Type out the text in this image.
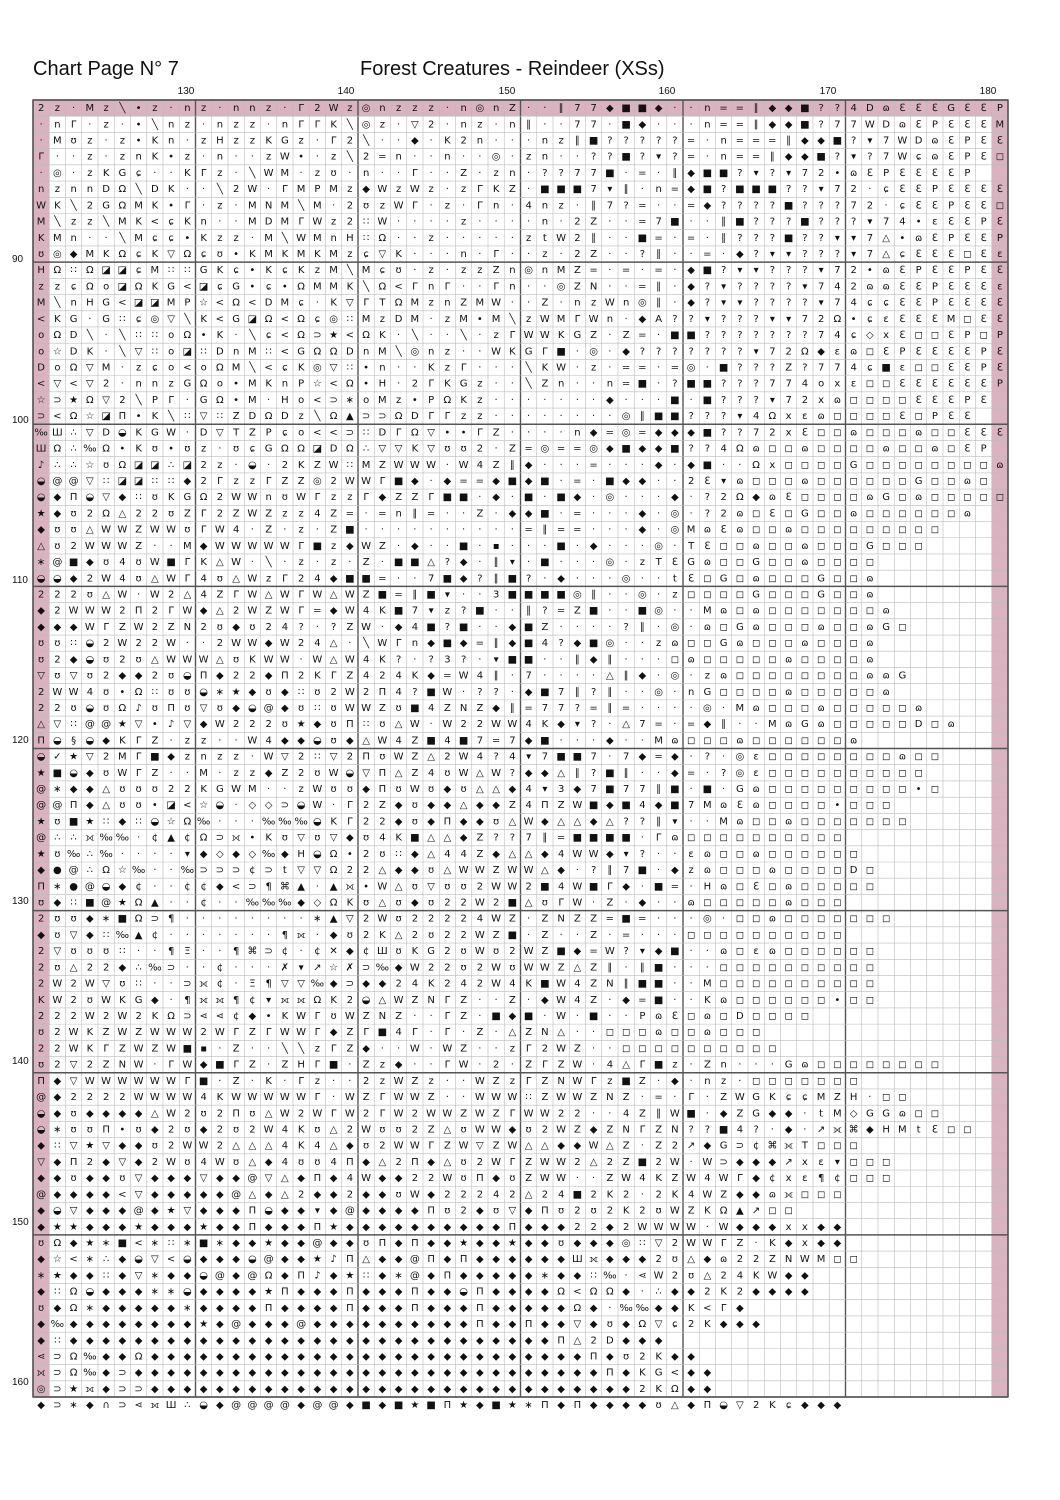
Chart Page N° 7	Forest Creatures - Reindeer (XSs)
130	140	150	160	170	180
90
100
110
120
130
140
150
160
2 z · M z ╲ • z · n z · n n z · Γ 2 W z ◎ n z z z · n ◎ n Z · · ∥ 7 7 ◆ ■ ■ ◆ · · n = = ∥ ◆ ◆ ■ ? ? 4 D ɷ ℇ ℇ ℇ G ℇ ℇ P
· n Γ · z · • ╲ n z · n z z · n Γ Γ K ╲ ◎ z · ▽ 2 · n z · n ∥ · · 7 7 · ■ ◆ · · · n = = ∥ ◆ ◆ ■ ? 7 7 W D ɷ ℇ P ℇ ℇ ℇ M
· M ʊ z · z • K n · z H z z K G z · Γ 2 ╲ · · ◆ · K 2 n · · · n z ∥ ■ ? ? ? ? ? = · n = = = ∥ ◆ ◆ ■ ? ▾ 7 W D ɷ ℇ P ℇ ℇ
Γ · · z · z n K • z · n · · z W • · z ╲ 2 = n · · n · · ◎ · z n · · ? ? ■ ? ▾ ? = · n = = ∥ ◆ ◆ ■ ? ▾ ? 7 W ɕ ɷ ℇ P ℇ ◻
· ◎ · z K G ɕ · · K Γ z · ╲ W M · z ʊ · n · · Γ · · Z · z n · ? ? 7 7 ■ · = · ∥ ◆ ■ ■ ? ▾ ? ▾ 7 2 • ɷ ℇ P ℇ ℇ ℇ ℇ P
n z n n D Ω ╲ D K · · ╲ 2 W · Γ M P M z ◆ W z W z · z Γ K Z · ■ ■ ■ 7 ▾ ∥ · n = ◆ ■ ? ■ ■ ■ ? ? ▾ 7 2 · ɕ ℇ ℇ P ℇ ℇ ℇ ℇ
W K ╲ 2 G Ω M K • Γ · z · M N M ╲ M · 2 ʊ z W Γ · z · Γ n · 4 n z · ∥ 7 ? = · · = ◆ ? ? ? ? ■ ? ? ? 7 2 · ɕ ℇ ℇ P ℇ ℇ ◻
M ╲ z z ╲ M K < ɕ K n · · M D M Γ W z 2 ∷ W · · · · z · · · · n · 2 Z · · = 7 ■ · · ∥ ■ ? ? ? ■ ? ? ? ▾ 7 4 • ɛ ℇ ℇ P ℇ
K M n · · ╲ M ɕ ɕ • K z z · M ╲ W M n H ∷ Ω · · z · · · · · z t W 2 ∥ · · ■ = · = · ∥ ? ? ? ■ ? ? ▾ ▾ 7 △ • ɷ ℇ P ℇ ℇ P
ʊ ◎ ◆ M K Ω ɕ K ▽ Ω ɕ ʊ • K M K M K M z ɕ ▽ K · · · n · Γ · · z · 2 Z · · ? ∥ · · = · ◆ ? ▾ ▾ ? ? ? ▾ 7 △ ɕ ℇ ℇ ℇ ◻ ℇ ɛ
H Ω ∷ Ω ◪ ◪ ɕ M ∷ ∷ G K ɕ • K ɕ K z M ╲ M ɕ ʊ · z · z z Z n ◎ n M Z = · = · = · ◆ ■ ? ▾ ▾ ? ? ? ▾ 7 2 • ɷ ℇ P ℇ ℇ P ℇ ℇ
z z ɕ Ω o ◪ Ω K G < ◪ ɕ G • ɕ • Ω M M K ╲ Ω < Γ n Γ · · Γ n · · ◎ Z N · · = ∥ · ◆ ? ▾ ? ? ? ? ▾ 7 4 2 ɷ ɷ ℇ ℇ P ℇ ℇ ℇ ɛ
M ╲ n H G < ◪ ◪ M P ☆ < Ω < D M ɕ · K ▽ Γ T Ω M z n Z M W · · Z · n z W n ◎ ∥ · ◆ ? ▾ ▾ ? ? ? ? ▾ 7 4 ɕ ɕ ℇ ℇ P ℇ ℇ ℇ ℇ
< K G · G ∷ ɕ ◎ ▽ ╲ K < G ◪ Ω < Ω ɕ ◎ ∷ M z D M · z M • M ╲ z W M Γ W n · ◆ A ? ? ▾ ? ? ? ▾ ▾ 7 2 Ω • ɕ ɛ ℇ ℇ ℇ M ◻ ℇ ℇ
o Ω D ╲ · ╲ ∷ ∷ o Ω • K · ╲ ɕ < Ω ⊃ ★ < Ω K · ╲ · · ╲ · z Γ W W K G Z · Z = · ■ ■ ? ? ? ? ? ? ? 7 4 ɕ ◇ x ℇ ◻ ◻ ℇ P ◻ P
o ☆ D K · ╲ ▽ ∷ o ◪ ∷ D n M ∷ < G Ω Ω D n M ╲ ◎ n z · · W K G Γ ■ · ◎ · ◆ ? ? ? ? ? ? ? ▾ 7 2 Ω ◆ ɛ ɷ ◻ ℇ P ℇ ℇ ℇ ℇ P ℇ
D o Ω ▽ M · z ɕ o < o Ω M ╲ < ɕ K ◎ ▽ ∷ • n · · K z Γ · · · ╲ K W · z · = = · = ◎ · ■ ? ? ? Z ? 7 7 4 ɕ ■ ɛ ◻ ◻ ℇ ℇ P ℇ
< ▽ < ▽ 2 · n n z G Ω o • M K n P ☆ < Ω • H · 2 Γ K G z · · ╲ Z n · · n = ■ · ? ■ ■ ? ? ? 7 7 4 o x ɛ ◻ ◻ ℇ ℇ ℇ ℇ ℇ ℇ P
☆ ⊃ ★ Ω ▽ 2 ╲ P Γ · G Ω • M · H o < ⊃ ∗ o M z • P Ω K z · · · · · · · ◆ · · · ■ · ■ ? ? ? ▾ 7 2 x ɷ ◻ ◻ ◻ ◻ ℇ ℇ ℇ P ℇ
⊃ < Ω ☆ ◪ Π • K ╲ ∷ ▽ ∷ Z D Ω D z ╲ Ω ▲ ⊃ ⊃ Ω D Γ Γ z z · · · · · · · · ◎ ∥ ■ ■ ? ? ? ▾ 4 Ω x ɛ ɷ ◻ ◻ ◻ ◻ ℇ ◻ P ℇ ℇ
‰ Ш ∴ ▽ D ◒ K G W · D ▽ T Z P ɕ o < < ⊃ ∷ D Γ Ω ▽ • • Γ Z · · · · n ◆ = ◎ = ◆ ◆ ◆ ■ ? ? 7 2 x ℇ ◻ ◻ ɷ ◻ ◻ ◻ ɷ ◻ ◻ ℇ ℇ ℇ
Ш Ω ∴ ‰ Ω • K ʊ • ʊ z · ʊ ɕ G Ω Ω ◪ D Ω ∴ ▽ ▽ K ▽ ʊ ʊ 2 · Z = ◎ = = ◎ ◆ ■ ◆ ◆ ■ ? ? 4 Ω ɷ ◻ ◻ ɷ ◻ ◻ ◻ ◻ ɷ ◻ ◻ ɷ ◻ ℇ P
♪ ∴ ∴ ☆ ʊ Ω ◪ ◪ ∴ ◪ 2 z · ◒ · 2 K Z W ∷ M Z W W W · W 4 Z ∥ ◆ · · · = · · · ◆ · ◆ ■ · · Ω x ◻ ◻ ◻ ◻ G ◻ ◻ ◻ ◻ ◻ ◻ ◻ ◻ ɷ
◒ @ @ ▽ ∷ ◪ ◪ ∷ ∷ ◆ 2 Γ z z Γ Z Z ◎ 2 W W Γ ■ ◆ · ◆ = = ◆ ■ ◆ ■ · = · ■ ◆ ◆ · · 2 ℇ ▾ ɷ ◻ ◻ ◻ ɷ ◻ ◻ ◻ ◻ ◻ ◻ G ◻ ◻ ɷ ◻
◒ ◆ Π ◒ ▽ ◆ ∷ ʊ K G Ω 2 W W n ʊ W Γ z z Γ ◆ Z Z Γ ■ ■ · ◆ · ■ · ■ ◆ · ◎ · · · ◆ · ? 2 Ω ◆ ɷ ℇ ◻ ◻ ◻ ◻ ɷ G ◻ ɷ ◻ ◻ ◻ ◻ ◻
★ ◆ ʊ 2 Ω △ 2 2 ʊ Z Γ 2 Z W Z z z 4 Z = · = n ∥ = · · Z · ◆ ◆ ■ · = · · · ◆ · ◎ · ? 2 ɷ ◻ ℇ ◻ G ◻ ◻ ɷ ◻ ◻ ◻ ◻ ◻ ◻ ɷ
◆ ʊ ʊ △ W W Z W W ʊ Γ W 4 · Z · z · Z ■ · · · · · · · · · · = ∥ = = · · · ◆ · ◎ M ɷ ℇ ɷ ◻ ◻ ɷ ◻ ◻ ◻ ◻ ◻ ◻ ◻ ◻ ◻
△ ʊ 2 W W W Z · · M ◆ W W W W W Γ ■ z ◆ W Z · ◆ · · ■ · ▪ · · · ■ · ◆ · · · ◎ · T ℇ ◻ ◻ ɷ ◻ ◻ ɷ ◻ ◻ ◻ G ◻ ◻ ◻
∗ @ ■ ◆ ʊ 4 ʊ W ■ Γ K △ W · ╲ · z · z · Z · ■ ■ △ ? ◆ · ∥ ▾ · ■ · · · ◎ · z T ℇ G ɷ ◻ ◻ G ◻ ◻ ɷ ◻ ◻ ◻ ◻
◒ ◒ ◆ 2 W 4 ʊ △ W Γ 4 ʊ △ W z Γ 2 4 ◆ ■ ■ = · · 7 ■ ◆ ? ∥ ■ ? · ◆ · · · ◎ · · t ℇ ◻ G ◻ ɷ ◻ ◻ ◻ G ◻ ◻ ɷ
2 2 2 ʊ △ W · W 2 △ 4 Z Γ W △ W Γ W △ W Z ■ = ∥ ■ ▾ · · 3 ■ ■ ■ ■ ◎ ∥ · · ◎ · z ◻ ◻ ◻ ◻ G ◻ ◻ ◻ G ◻ ◻ ɷ
◆ 2 W W W 2 Π 2 Γ W ◆ △ 2 W Z W Γ = ◆ W 4 K ■ 7 ▾ z ? ■ · · ∥ ? = Z ■ · · ■ ◎ · · M ɷ ◻ ɷ ◻ ◻ ◻ ◻ ◻ ◻ ◻ ɷ
◆ ◆ ◆ W Γ Z W 2 Z N 2 ʊ ◆ ʊ 2 4 ? · ? Z W · ◆ 4 ■ ? ■ · · ◆ ■ Z · · · · ? ∥ · ◎ · ɷ ◻ G ɷ ◻ ◻ ◻ ɷ ◻ ◻ ɷ G ◻
ʊ ʊ ∷ ◒ 2 W 2 2 W · · 2 W W ◆ W 2 4 △ · ╲ W Γ n ◆ ■ ◆ = ∥ ◆ ■ 4 ? ◆ ■ ◎ · · z ɷ ◻ ◻ G ɷ ◻ ◻ ◻ ɷ ◻ ◻ ◻ ɷ
ʊ 2 ◆ ◒ ʊ 2 ʊ △ W W W △ ʊ K W W · W △ W 4 K ? · ? 3 ? · ▾ ■ ■ · · ∥ ◆ ∥ · · · ◻ ɷ ◻ ◻ ◻ ◻ ◻ ɷ ◻ ◻ ◻ ◻ ɷ
▽ ʊ ▽ ʊ 2 ◆ ◆ 2 ʊ ◒ Π ◆ 2 2 ◆ Π 2 K Γ Z 4 2 4 K ◆ = W 4 ∥ · 7 · · · · △ ∥ ◆ · ◎ · z ɷ ◻ ◻ ◻ ◻ ◻ ◻ ◻ ◻ ɷ ɷ G
2 W W 4 ʊ • Ω ∷ ʊ ʊ ◒ ∗ ★ ◆ ʊ ◆ ∷ ʊ 2 W 2 Π 4 ? ■ W · ? ? · ◆ ■ 7 ∥ ? ∥ · · ◎ · n G ◻ ◻ ◻ ◻ ɷ ◻ ◻ ◻ ◻ ◻ ɷ
2 2 ʊ ◒ ʊ Ω ♪ ʊ Π ʊ ▽ ʊ ◆ ◒ @ ◆ ʊ ∷ ʊ W W Z ʊ ■ 4 Z N Z ◆ ∥ = 7 7 ? = ∥ = · · · · ◎ · M ɷ ◻ ◻ ◻ ɷ ◻ ◻ ◻ ◻ ◻ ɷ
△ ▽ ∷ @ @ ★ ▽ • ♪ ▽ ◆ W 2 2 2 ʊ ★ ◆ ʊ Π ∷ ʊ △ W · W 2 2 W W 4 K ◆ ▾ ? · △ 7 = · = ◆ ∥ · · M ɷ G ɷ ◻ ◻ ◻ ◻ ◻ D ◻ ɷ
Π ◒ § ◒ ◆ K Γ Z · z z · · W 4 ◆ ◆ ◒ ʊ ◆ △ W 4 Z ■ 4 ■ 7 = 7 ◆ ■ · · · ◆ · · M ɷ ◻ ◻ ◻ ɷ ◻ ◻ ◻ ◻ ◻ ◻ ɷ
◒ ✓ ★ ▽ 2 M Γ ■ ◆ z n z z · W ▽ 2 ∷ ▽ 2 Π ʊ W Z △ 2 W 4 ? 4 ▾ 7 ■ ■ 7 · 7 ◆ = ◆ · ? · ◎ ɛ ◻ ◻ ◻ ◻ ◻ ◻ ◻ ◻ ɷ ◻ ◻
★ ■ ◒ ◆ ʊ W Γ Z · · M · z z ◆ Z 2 ʊ W ◒ ▽ Π △ Z 4 ʊ W △ W ? ◆ ◆ △ ∥ ? ■ ∥ · · ◆ = · ? ◎ ɛ ◻ ◻ ◻ ◻ ◻ ◻ ◻ ◻ ◻ ◻
@ ∗ ◆ ◆ △ ʊ ʊ ʊ 2 2 K G W M · · z W ʊ ʊ ◆ Π ʊ W ʊ ◆ ʊ △ △ ◆ 4 ▾ 3 ◆ 7 ■ 7 7 ∥ ■ · ■ · G ɷ ◻ ◻ ◻ ◻ ◻ ◻ ◻ ◻ ◻ • ◻
@ @ Π ◆ △ ʊ ʊ • ◪ < ☆ ◒ · ◇ ◇ ⊃ ◒ W · Γ 2 Z ◆ ʊ ◆ ◆ △ ◆ ◆ Z 4 Π Z W ■ ◆ ■ 4 ◆ ■ 7 M ɷ ℇ ɷ ◻ ◻ ◻ ◻ • ◻ ◻ ◻
★ ʊ ■ ★ ∷ ◆ ∷ ◒ ☆ Ω ‰ · · · ‰ ‰ ‰ ◒ K Γ 2 2 ◆ ʊ ◆ Π ◆ ◆ ʊ △ W ◆ △ △ ◆ △ ? ? ∥ ▾ · · M ɷ ◻ ◻ ɷ ◻ ◻ ◻ ◻ ◻ ◻ ◻
@ ∴ ∴ ⟗ ‰ ‰ · ¢ ▲ ¢ Ω ⊃ ⟗ • K ʊ ▽ ʊ ▽ ◆ ʊ 4 K ■ △ △ ◆ Z ? ? 7 ∥ = ■ ■ ■ ■ · Γ ɷ ◻ ◻ ◻ ◻ ◻ ◻ ◻ ◻ ◻ ◻
★ ʊ ‰ ∴ ‰ · · · · ▾ ◆ ◇ ◆ ◇ ‰ ◆ H ◒ Ω • 2 ʊ ∷ ◆ △ 4 4 Z ◆ △ △ ◆ 4 W W ◆ ▾ ? · · ɛ ɷ ◻ ◻ ɷ ◻ ◻ ◻ ◻ ◻ ◻
◆ ● @ ∴ Ω ☆ ‰ · · ‰ ⊃ ⊃ ⊃ ¢ ⊃ t ▽ ▽ Ω 2 2 △ ◆ ◆ ʊ △ W W Z W W △ ◆ · ? ∥ 7 ■ · ◆ z ɷ ◻ ◻ ◻ ɷ ◻ ◻ ◻ ◻ D ◻
Π ∗ ● @ ◒ ◆ ¢ · · ¢ ¢ ◆ < ⊃ ¶ ⌘ ▲ · ▲ ⟗ • W △ ʊ ▽ ʊ ʊ 2 W W 2 ■ 4 W ■ Γ ◆ · ■ = · H ɷ ◻ ℇ ◻ ɷ ◻ ◻ ◻ ◻ ◻
ʊ ◆ ∷ ■ @ ★ Ω ▲ · · ¢ · · ‰ ‰ ‰ ◆ ◇ Ω K ʊ △ ʊ ◆ ʊ 2 2 W 2 ■ △ ʊ Γ W · Z · ◆ · · ɷ ◻ ◻ ◻ ◻ ◻ ɷ ◻ ◻ ◻
2 ʊ ʊ ◆ ∗ ■ Ω ⊃ ¶ · · · · · · · · ∗ ▲ ▽ 2 W ʊ 2 2 2 2 4 W Z · Z N Z Z = ■ = · · · ◎ · ◻ ◻ ɷ ◻ ◻ ◻ ◻ ◻ ◻ ◻
◆ ʊ ▽ ◆ ∷ ‰ ▲ ¢ · · · · · · · ¶ ⟗ · ◆ ʊ 2 K △ 2 ʊ 2 2 W Z ■ · Z · · Z · = · · · ◻ ◻ ◻ ◻ ◻ ◻ ◻ ◻ ◻ ◻
2 ▽ ʊ ʊ ʊ ∷ · · ¶ Ξ · · ¶ ⌘ ⊃ ¢ · ¢ ✕ ◆ ¢ Ш ʊ K G 2 ʊ W ʊ 2 W Z ■ ◆ = W ? ▾ ◆ ■ · · ɷ ◻ ɛ ɷ ◻ ◻ ◻ ◻ ◻ ◻
2 ʊ △ 2 2 ◆ ∴ ‰ ⊃ · · ¢ · · · ✗ ▾ ↗ ☆ ✗ ⊃ ‰ ◆ W 2 2 ʊ 2 W ʊ W W Z △ Z ∥ · ∥ ■ · · · ◻ ◻ ◻ ◻ ◻ ◻ ◻ ◻ ◻ ◻
2 W 2 W ▽ ʊ ∷ · · ⊃ ⟗ ¢ · Ξ ¶ ▽ ▽ ‰ ◆ ⊃ ◆ ◆ 2 4 K 2 4 2 W 4 K ■ W 4 Z N ∥ ■ ■ · · M ◻ ◻ ◻ ◻ ◻ ◻ ◻ ◻ ◻ ◻
K W 2 ʊ W K G ◆ · ¶ ⟗ ⟗ ¶ ¢ ▾ ⟗ ⟗ Ω K 2 ◒ △ W Z N Γ Z · · Z · ◆ W 4 Z · ◆ = ■ · · K ɷ ◻ ◻ ◻ ◻ ◻ ◻ • ◻ ◻
2 2 2 W 2 W 2 K Ω ⊃ ⋖ ⋖ ¢ ◆ • K W Γ ʊ W Z N Z · · Γ Z · ■ ◆ ■ · W · ■ · · P ɷ ℇ ◻ ɷ ◻ D ◻ ◻ ◻ ◻
ʊ 2 W K Z W Z W W W 2 W Γ Z Γ W W Γ ◆ Z Γ ■ 4 Γ · Γ · Z · △ Z N △ · · ◻ ◻ ◻ ɷ ◻ ◻ ɷ ◻ ◻ ◻
2 2 W K Γ Z W Z W ■ ▪ · Z · · ╲ ╲ z Γ Z ◆ · · W · W Z · · z Γ 2 W Z · · ◻ ◻ ◻ ◻ ◻ ◻ ◻ ◻ ◻ ◻
ʊ 2 ▽ 2 Z N W · Γ W ◆ ■ Γ Z · Z H Γ ■ · Z z ◆ · · Γ W · 2 · Z Γ Z W · 4 △ Γ ■ z · Z n · · · G ɷ ◻ ◻ ◻ ◻ ◻ ◻ ◻ ◻
Π ◆ ▽ W W W W W W Γ ■ · Z · K · Γ z · · 2 z W Z z · · W Z z Γ Z N W Γ z ■ Z · ◆ · n z · ◻ ◻ ◻ ◻ ◻ ◻ ◻
@ ◆ 2 2 2 2 W W W W 4 K W W W W W Γ · W Z Γ W W Z · · W W W ∷ Z W W Z N Z · = · Γ · Z W G K ɕ ɕ M Z H · ◻ ◻
◒ ◆ ʊ ◆ ◆ ◆ ◆ △ W 2 ʊ 2 Π ʊ △ W 2 W Γ W 2 Γ W 2 W W Z W Z Γ W W 2 2 · · 4 Z ∥ W ■ · ◆ Z G ◆ ◆ · t M ◇ G G ɷ ◻ ◻
◒ ∗ ʊ ʊ Π • ʊ ◆ 2 ʊ ◆ 2 ʊ 2 W 4 K ʊ △ 2 W ʊ ʊ 2 Z △ ʊ W W ◆ ʊ 2 W Z ◆ Z N Γ Z N ? ? ■ 4 ? · ◆ · ↗ ⟗ ⌘ ◆ H M t ℇ ◻ ◻
◆ ∷ ▽ ★ ▽ ◆ ◆ ʊ 2 W W 2 △ △ △ 4 K 4 △ ◆ ʊ 2 W W Γ Z W ▽ Z W △ △ ◆ ◆ W △ Z · Z 2 ↗ ◆ G ⊃ ¢ ⌘ ⟗ T ◻ ◻ ◻
▽ ◆ Π 2 ◆ ▽ ◆ 2 W ʊ 4 W ʊ △ ◆ 4 ʊ ʊ 4 Π ◆ △ 2 Π ◆ △ ʊ 2 W Γ Z W W 2 △ 2 Z ■ 2 W · W ⊃ ◆ ◆ ◆ ↗ x ɛ ▾ ◻ ◻ ◻
◆ ◆ ʊ ◆ ◆ ʊ ▽ ◆ ◆ ◆ ▽ ◆ ◆ @ ▽ △ ◆ Π ◆ 4 W ◆ ◆ 2 2 W ʊ Π ◆ ʊ Z W W · · Z W 4 K Z W 4 W Γ ◆ ¢ x ɛ ¶ ¢ ◻ ◻ ◻
@ ◆ ◆ ◆ ◆ < ▽ ◆ ◆ ◆ ◆ ◆ @ △ ◆ △ 2 ◆ ◆ 2 ◆ ◆ ʊ W ◆ 2 2 2 4 2 △ 2 4 ■ 2 K 2 · 2 K 4 W Z ◆ ◆ ɷ ⟗ ◻ ◻ ◻
◆ ◒ ▽ ◆ ◆ ◆ @ ◆ ★ ▽ ◆ ◆ ◆ Π ◒ ◆ ◆ ▾ ◆ @ ◆ ◆ ◆ ◆ Π ʊ 2 ◆ ʊ ▽ ◆ Π ʊ 2 ʊ 2 K 2 ʊ W Z K Ω ▲ ↗ ◻ ◻
◆ ★ ★ ◆ ◆ ◆ ★ ◆ ◆ ◆ ★ ◆ ◆ Π ◆ ◆ ◆ Π ★ ◆ ◆ ◆ ◆ ◆ ◆ ◆ ◆ ◆ ◆ Π ◆ ◆ ◆ 2 2 ◆ 2 W W W W · W ◆ ◆ ◆ x x ◆ ◆
ʊ Ω ◆ ★ ∗ ■ < ∗ ∷ ∗ ■ ∗ ◆ ◆ ★ ◆ ◆ @ ◆ ◆ ʊ Π ◆ Π ◆ ◆ ★ ◆ ◆ ★ ◆ ◆ ʊ ◆ ◆ ◆ ◎ ∷ ▽ 2 W W Γ Z · K ◆ x ◆ ◆
◆ ☆ < ∗ ∴ ◆ ◒ ▽ < ◒ ◆ ◆ ◆ ◒ @ ◆ ◆ ★ ♪ Π △ ◆ ◆ @ Π ◆ Π ◆ ◆ ◆ ◆ ◆ ◆ Ш ⟗ ◆ ◆ ◆ 2 ʊ △ ◆ ɷ 2 2 Z N W M ◻ ◻
∗ ★ ◆ ◆ ∷ ◆ ▽ ∗ ◆ ◆ ◒ @ ◆ @ Ω ◆ Π ♪ ◆ ★ ∷ ◆ ∗ @ ◆ Π ◆ ◆ ◆ ◆ ◆ ∗ ◆ ◆ ∷ ‰ · ⋖ W 2 ʊ △ 2 4 K W ◆ ◆
◆ ∷ Ω ◒ ◆ ◆ ◆ ∗ ∗ ◒ ◆ ◆ ◆ ◆ ★ Π ◆ ◆ ◆ Π ◆ ◆ ◆ Π ◆ ◆ ◒ Π ◆ ◆ ◆ ◆ Ω < Ω Ω ◆ · ∴ ◆ ◆ 2 K 2 ◆ ◆ ◆ ◆
ʊ ◆ Ω ∗ ◆ ◆ ◆ ◆ ◆ ∗ ◆ ◆ ◆ ◆ Π ◆ ◆ ◆ ◆ Π ◆ ◆ ◆ Π ◆ ◆ ◆ Π ◆ ◆ ◆ ◆ ◆ Ω ◆ · ‰ ‰ ◆ ◆ K < Γ ◆
◆ ‰ ◆ ◆ ◆ ◆ ◆ ◆ ◆ ◆ ★ ◆ @ ◆ ◆ ◆ @ ◆ ◆ ◆ ◆ ◆ ◆ ◆ ◆ ◆ ◆ Π ◆ ◆ Π ◆ ◆ ▽ ◆ ʊ ◆ Ω ▽ ɕ 2 K ◆ ◆ ◆
◆ ∷ ◆ ◆ ◆ ◆ ◆ ◆ ◆ ◆ ◆ ◆ ◆ ◆ ◆ ◆ ◆ ◆ ◆ ◆ ◆ ◆ ◆ ◆ ◆ ◆ ◆ ◆ ◆ ◆ ◆ ◆ Π △ 2 D ◆ ◆ ◆
⋖ ⊃ Ω ‰ ◆ ◆ Ω ◆ ◆ ◆ ◆ ◆ ◆ ◆ ◆ ◆ ◆ ◆ ◆ ◆ ◆ ◆ ◆ ◆ ◆ ◆ ◆ ◆ ◆ ◆ ◆ ◆ ◆ ◆ Π ◆ ʊ 2 K ◆ ◆
⟗ ⊃ Ω ‰ ◆ ⊃ ◆ ◆ ◆ ◆ ◆ ◆ ◆ ◆ ◆ ◆ ◆ ◆ ◆ ◆ ◆ ◆ ◆ ◆ ◆ ◆ ◆ ◆ ◆ ◆ ◆ ◆ ◆ ◆ ◆ Π ◆ K G < ◆ ◆
◎ ⊃ ★ ⟗ ◆ ⊃ ⊃ ◆ ◆ ◆ ◆ ◆ ◆ ◆ ◆ ◆ ◆ ◆ ◆ ◆ ◆ ◆ ◆ ◆ ◆ ◆ ◆ ◆ ◆ ◆ ◆ ◆ ◆ ◆ ◆ ◆ ◆ 2 K Ω ◆ ◆
◆ ⊃ ∗ ◆ ∩ ⊃ ⋖ ⟗ Ш ∴ ◒ ◆ @ @ @ @ ◆ @ @ ◆ ■ ◆ ■ ★ ■ Π ★ ◆ ■ ★ ∗ Π ◆ Π ◆ ◆ ◆ ◆ ʊ △ ◆ Π ◒ ▽ 2 K ɕ ◆ ◆ ◆
